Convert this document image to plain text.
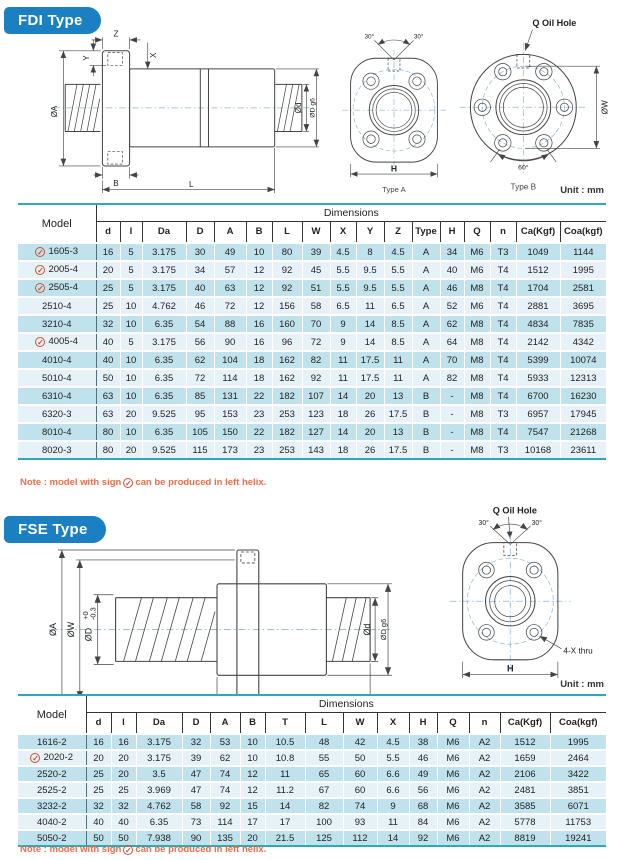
FDI Type
Z
Y	X
ØA	Ød ØD g6
B	L
30°	30°
H
Type A
Q Oil Hole
ØW
60°
Type B	Unit : mm
Model	Dimensions																
	d	l	Da	D	A	B	L	W	X	Y	Z	Type	H	Q	n	Ca(Kgf)	Coa(kgf)

✓ 1605-3	16	5	3.175	30	49	10	80	39	4.5	8	4.5	A	34	M6	T3	1049	1144

✓ 2005-4	20	5	3.175	34	57	12	92	45	5.5	9.5	5.5	A	40	M6	T4	1512	1995

✓ 2505-4	25	5	3.175	40	63	12	92	51	5.5	9.5	5.5	A	46	M8	T4	1704	2581

2510-4	25	10	4.762	46	72	12	156	58	6.5	11	6.5	A	52	M6	T4	2881	3695

3210-4	32	10	6.35	54	88	16	160	70	9	14	8.5	A	62	M8	T4	4834	7835

✓ 4005-4	40	5	3.175	56	90	16	96	72	9	14	8.5	A	64	M8	T4	2142	4342

4010-4	40	10	6.35	62	104	18	162	82	11	17.5	11	A	70	M8	T4	5399	10074

5010-4	50	10	6.35	72	114	18	162	92	11	17.5	11	A	82	M8	T4	5933	12313

6310-4	63	10	6.35	85	131	22	182	107	14	20	13	B	-	M8	T4	6700	16230

6320-3	63	20	9.525	95	153	23	253	123	18	26	17.5	B	-	M8	T3	6957	17945

8010-4	80	10	6.35	105	150	22	182	127	14	20	13	B	-	M8	T4	7547	21268

8020-3	80	20	9.525	115	173	23	253	143	18	26	17.5	B	-	M8	T3	10168	23611
Note : model with sign ✓ can be produced in left helix.
FSE Type
ØA ØW ØD
+0
-0.3
Ød ØD g6
Q Oil Hole
30°	30°
4-X thru
H
Unit : mm
Model	Dimensions														
	d	l	Da	D	A	B	T	L	W	X	H	Q	n	Ca(Kgf)	Coa(kgf)

1616-2	16	16	3.175	32	53	10	10.5	48	42	4.5	38	M6	A2	1512	1995

✓ 2020-2	20	20	3.175	39	62	10	10.8	55	50	5.5	46	M6	A2	1659	2464

2520-2	25	20	3.5	47	74	12	11	65	60	6.6	49	M6	A2	2106	3422

2525-2	25	25	3.969	47	74	12	11.2	67	60	6.6	56	M6	A2	2481	3851

3232-2	32	32	4.762	58	92	15	14	82	74	9	68	M6	A2	3585	6071

4040-2	40	40	6.35	73	114	17	17	100	93	11	84	M6	A2	5778	11753

5050-2	50	50	7.938	90	135	20	21.5	125	112	14	92	M6	A2	8819	19241
Note : model with sign ✓ can be produced in left helix.
